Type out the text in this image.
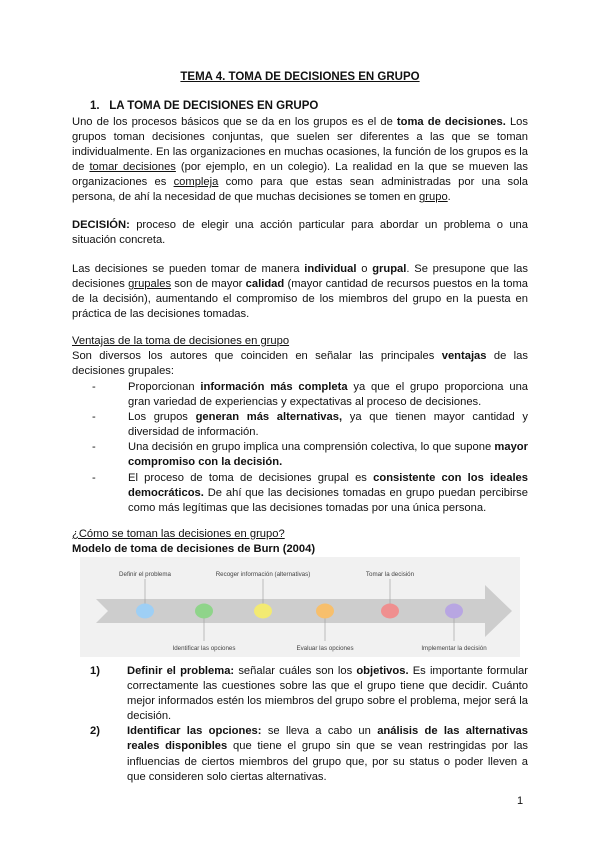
TEMA 4. TOMA DE DECISIONES EN GRUPO
1. LA TOMA DE DECISIONES EN GRUPO
Uno de los procesos básicos que se da en los grupos es el de toma de decisiones. Los grupos toman decisiones conjuntas, que suelen ser diferentes a las que se toman individualmente. En las organizaciones en muchas ocasiones, la función de los grupos es la de tomar decisiones (por ejemplo, en un colegio). La realidad en la que se mueven las organizaciones es compleja como para que estas sean administradas por una sola persona, de ahí la necesidad de que muchas decisiones se tomen en grupo.
DECISIÓN: proceso de elegir una acción particular para abordar un problema o una situación concreta.
Las decisiones se pueden tomar de manera individual o grupal. Se presupone que las decisiones grupales son de mayor calidad (mayor cantidad de recursos puestos en la toma de la decisión), aumentando el compromiso de los miembros del grupo en la puesta en práctica de las decisiones tomadas.
Ventajas de la toma de decisiones en grupo
Son diversos los autores que coinciden en señalar las principales ventajas de las decisiones grupales:
- Proporcionan información más completa ya que el grupo proporciona una gran variedad de experiencias y expectativas al proceso de decisiones.
- Los grupos generan más alternativas, ya que tienen mayor cantidad y diversidad de información.
- Una decisión en grupo implica una comprensión colectiva, lo que supone mayor compromiso con la decisión.
- El proceso de toma de decisiones grupal es consistente con los ideales democráticos. De ahí que las decisiones tomadas en grupo puedan percibirse como más legítimas que las decisiones tomadas por una única persona.
¿Cómo se toman las decisiones en grupo?
Modelo de toma de decisiones de Burn (2004)
Definir el problema	Recoger información (alternativas)	Tomar la decisión
Identificar las opciones	Evaluar las opciones	Implementar la decisión
1) Definir el problema: señalar cuáles son los objetivos. Es importante formular correctamente las cuestiones sobre las que el grupo tiene que decidir. Cuánto mejor informados estén los miembros del grupo sobre el problema, mejor será la decisión.
2) Identificar las opciones: se lleva a cabo un análisis de las alternativas reales disponibles que tiene el grupo sin que se vean restringidas por las influencias de ciertos miembros del grupo que, por su status o poder lleven a que consideren solo ciertas alternativas.
1
